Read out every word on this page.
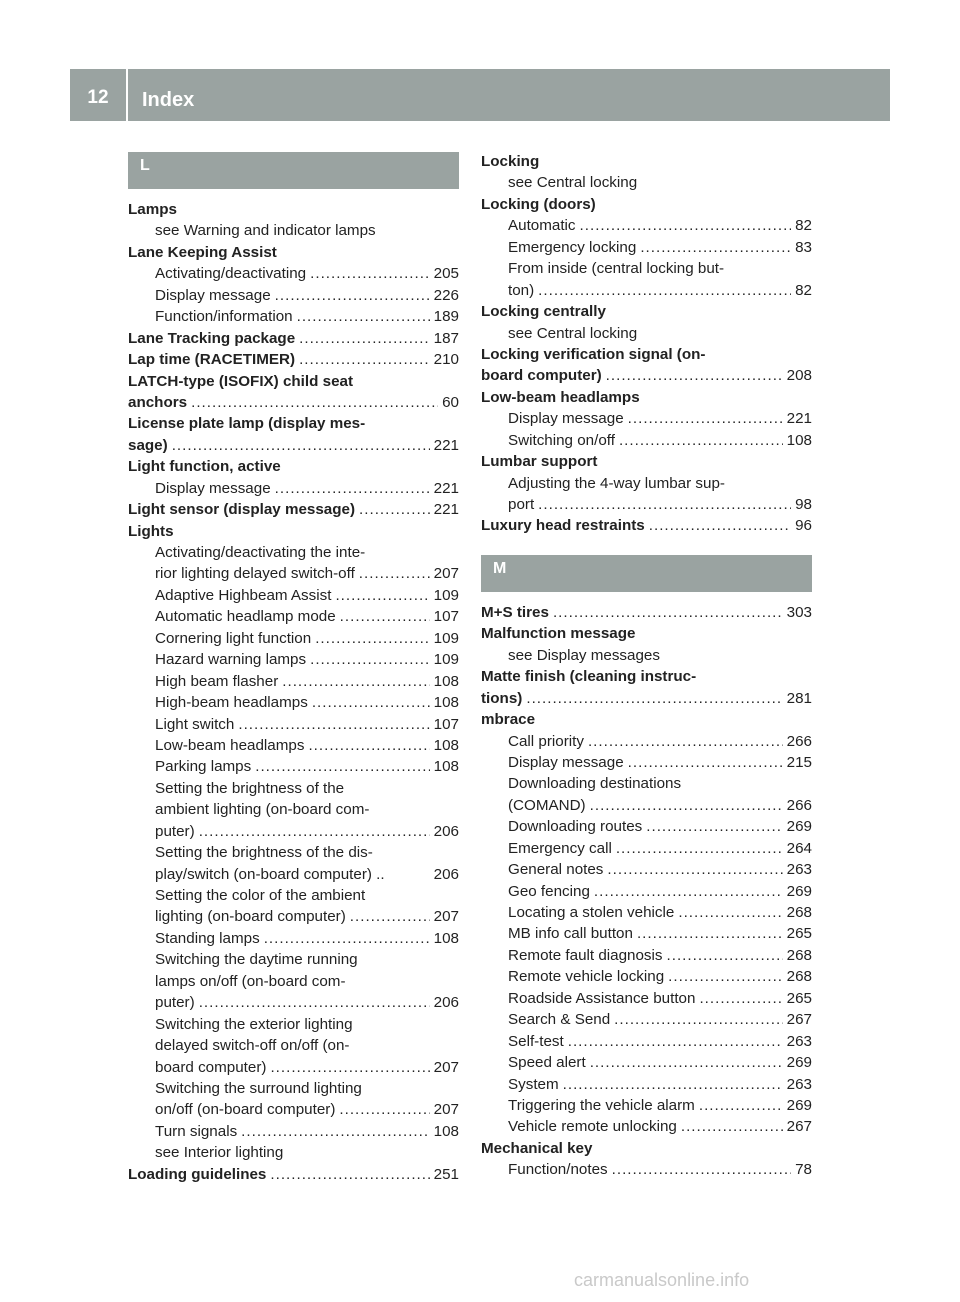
12	Index
L
Lamps
see Warning and indicator lamps
Lane Keeping Assist
Activating/deactivating .....	205
Display message .....	226
Function/information .....	189
Lane Tracking package .....	187
Lap time (RACETIMER) .....	210
LATCH-type (ISOFIX) child seat
anchors .....	60
License plate lamp (display mes-
sage) .....	221
Light function, active
Display message .....	221
Light sensor (display message) .....	221
Lights
Activating/deactivating the inte-
rior lighting delayed switch-off .....	207
Adaptive Highbeam Assist .....	109
Automatic headlamp mode .....	107
Cornering light function .....	109
Hazard warning lamps .....	109
High beam flasher .....	108
High-beam headlamps .....	108
Light switch .....	107
Low-beam headlamps .....	108
Parking lamps .....	108
Setting the brightness of the
ambient lighting (on-board com-
puter) .....	206
Setting the brightness of the dis-
play/switch (on-board computer) ..	206
Setting the color of the ambient
lighting (on-board computer) .....	207
Standing lamps .....	108
Switching the daytime running
lamps on/off (on-board com-
puter) .....	206
Switching the exterior lighting
delayed switch-off on/off (on-
board computer) .....	207
Switching the surround lighting
on/off (on-board computer) .....	207
Turn signals .....	108
see Interior lighting
Loading guidelines .....	251
Locking
see Central locking
Locking (doors)
Automatic .....	82
Emergency locking .....	83
From inside (central locking but-
ton) .....	82
Locking centrally
see Central locking
Locking verification signal (on-
board computer) .....	208
Low-beam headlamps
Display message .....	221
Switching on/off .....	108
Lumbar support
Adjusting the 4-way lumbar sup-
port .....	98
Luxury head restraints .....	96
M
M+S tires .....	303
Malfunction message
see Display messages
Matte finish (cleaning instruc-
tions) .....	281
mbrace
Call priority .....	266
Display message .....	215
Downloading destinations
(COMAND) .....	266
Downloading routes .....	269
Emergency call .....	264
General notes .....	263
Geo fencing .....	269
Locating a stolen vehicle .....	268
MB info call button .....	265
Remote fault diagnosis .....	268
Remote vehicle locking .....	268
Roadside Assistance button .....	265
Search & Send .....	267
Self-test .....	263
Speed alert .....	269
System .....	263
Triggering the vehicle alarm .....	269
Vehicle remote unlocking .....	267
Mechanical key
Function/notes .....	78
carmanualsonline.info
